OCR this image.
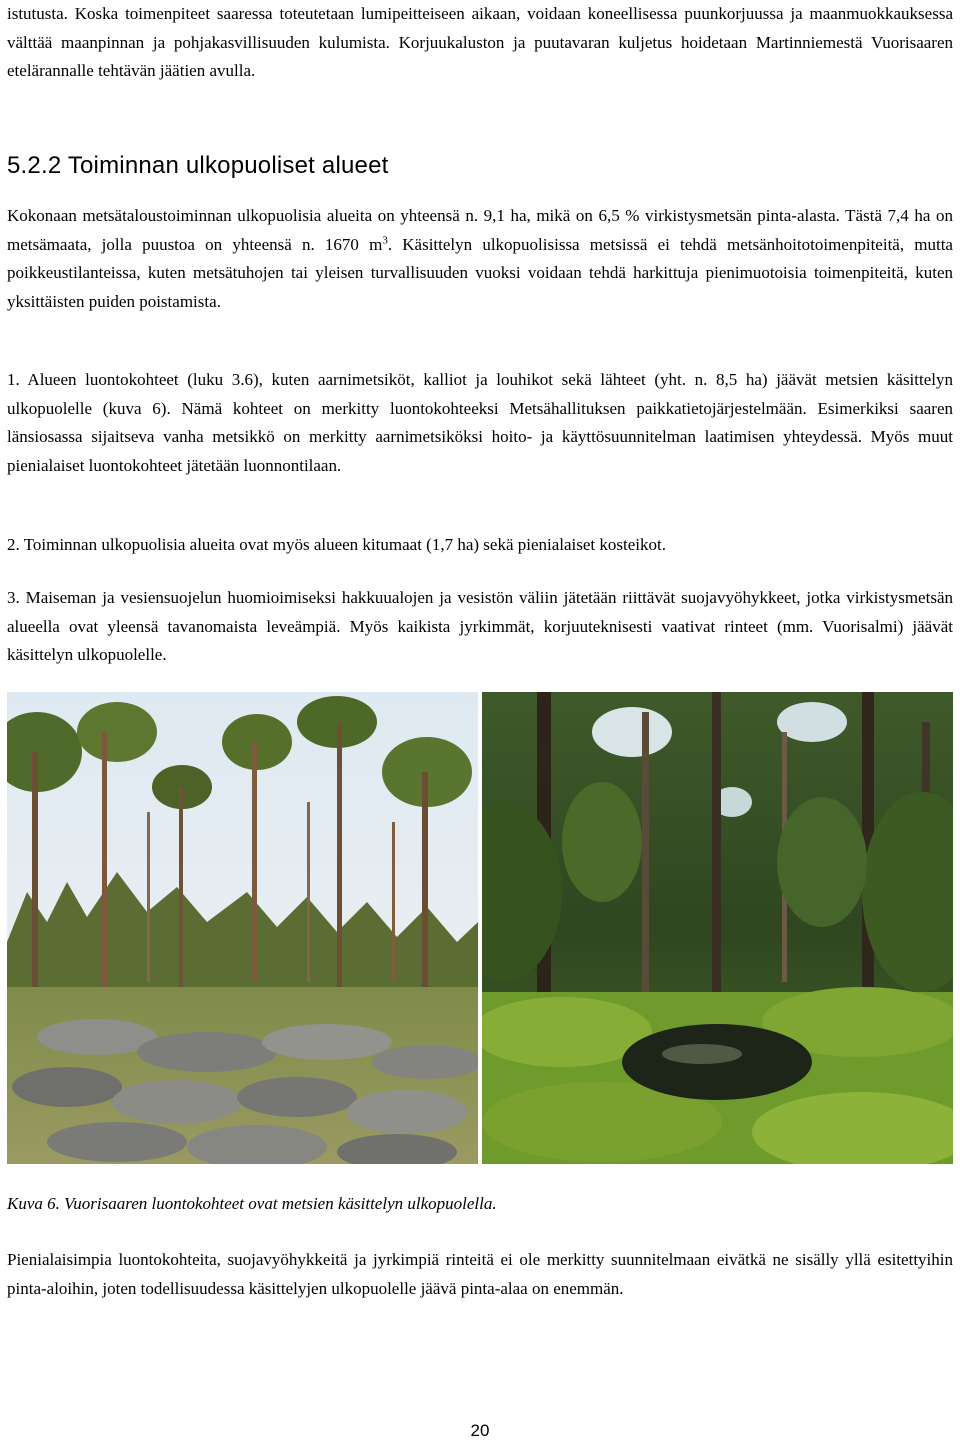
istutusta. Koska toimenpiteet saaressa toteutetaan lumipeitteiseen aikaan, voidaan koneellisessa puunkorjuussa ja maanmuokkauksessa välttää maanpinnan ja pohjakasvillisuuden kulumista. Korjuukaluston ja puutavaran kuljetus hoidetaan Martinniemestä Vuorisaaren etelärannalle tehtävän jäätien avulla.

5.2.2 Toiminnan ulkopuoliset alueet

Kokonaan metsätaloustoiminnan ulkopuolisia alueita on yhteensä n. 9,1 ha, mikä on 6,5 % virkistysmetsän pinta-alasta. Tästä 7,4 ha on metsämaata, jolla puustoa on yhteensä n. 1670 $m^3$. Käsittelyn ulkopuolisissa metsissä ei tehdä metsänhoitotoimenpiteitä, mutta poikkeustilanteissa, kuten metsätuhojen tai yleisen turvallisuuden vuoksi voidaan tehdä harkittuja pienimuotoisia toimenpiteitä, kuten yksittäisten puiden poistamista.

1. Alueen luontokohteet (luku 3.6), kuten aarnimetsiköt, kalliot ja louhikot sekä lähteet (yht. n. 8,5 ha) jäävät metsien käsittelyn ulkopuolelle (kuva 6). Nämä kohteet on merkitty luontokohteeksi Metsähallituksen paikkatietojärjestelmään. Esimerkiksi saaren länsiosassa sijaitseva vanha metsikkö on merkitty aarnimetsiköksi hoito- ja käyttösuunnitelman laatimisen yhteydessä. Myös muut pienialaiset luontokohteet jätetään luonnontilaan.

2. Toiminnan ulkopuolisia alueita ovat myös alueen kitumaat (1,7 ha) sekä pienialaiset kosteikot.

3. Maiseman ja vesiensuojelun huomioimiseksi hakkuualojen ja vesistön väliin jätetään riittävät suojavyöhykkeet, jotka virkistysmetsän alueella ovat yleensä tavanomaista leveämpiä. Myös kaikista jyrkimmät, korjuuteknisesti vaativat rinteet (mm. Vuorisalmi) jäävät käsittelyn ulkopuolelle.

Kuva 6. Vuorisaaren luontokohteet ovat metsien käsittelyn ulkopuolella.

Pienialaisimpia luontokohteita, suojavyöhykkeitä ja jyrkimpiä rinteitä ei ole merkitty suunnitelmaan eivätkä ne sisälly yllä esitettyihin pinta-aloihin, joten todellisuudessa käsittelyjen ulkopuolelle jäävä pinta-alaa on enemmän.

20
